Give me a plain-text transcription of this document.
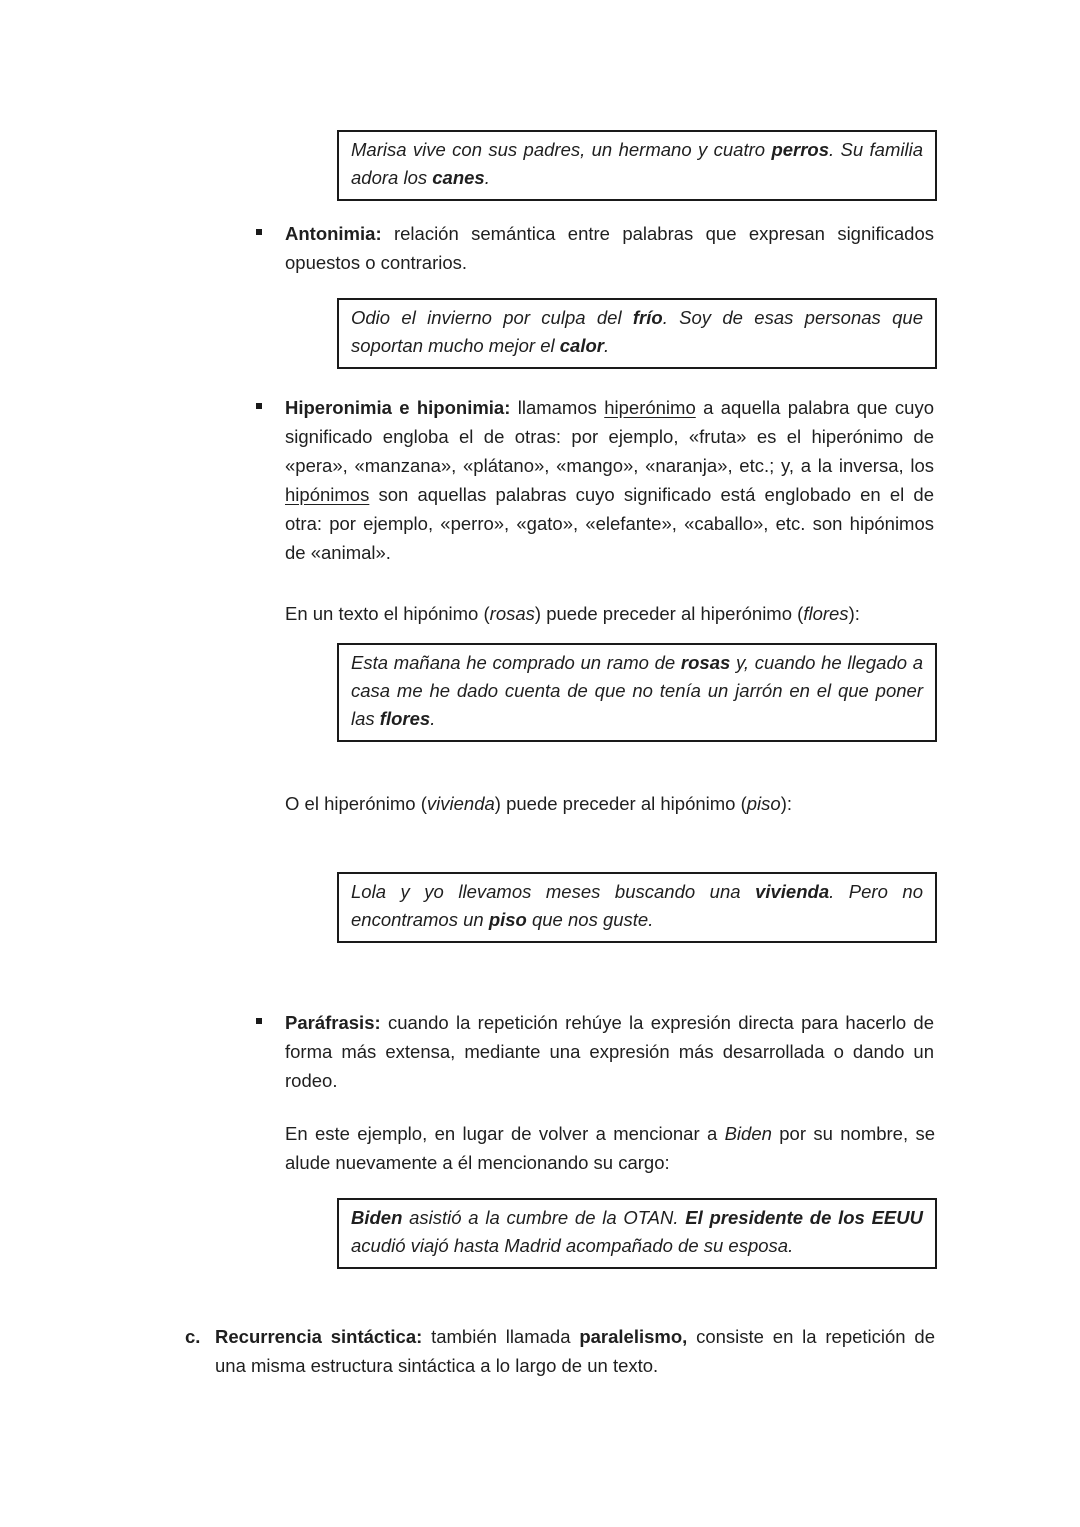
Marisa vive con sus padres, un hermano y cuatro perros. Su familia adora los canes.

Antonimia: relación semántica entre palabras que expresan significados opuestos o contrarios.

Odio el invierno por culpa del frío. Soy de esas personas que soportan mucho mejor el calor.

Hiperonimia e hiponimia: llamamos hiperónimo a aquella palabra que cuyo significado engloba el de otras: por ejemplo, «fruta» es el hiperónimo de «pera», «manzana», «plátano», «mango», «naranja», etc.; y, a la inversa, los hipónimos son aquellas palabras cuyo significado está englobado en el de otra: por ejemplo, «perro», «gato», «elefante», «caballo», etc. son hipónimos de «animal».

En un texto el hipónimo (rosas) puede preceder al hiperónimo (flores):

Esta mañana he comprado un ramo de rosas y, cuando he llegado a casa me he dado cuenta de que no tenía un jarrón en el que poner las flores.

O el hiperónimo (vivienda) puede preceder al hipónimo (piso):

Lola y yo llevamos meses buscando una vivienda. Pero no encontramos un piso que nos guste.

Paráfrasis: cuando la repetición rehúye la expresión directa para hacerlo de forma más extensa, mediante una expresión más desarrollada o dando un rodeo.

En este ejemplo, en lugar de volver a mencionar a Biden por su nombre, se alude nuevamente a él mencionando su cargo:

Biden asistió a la cumbre de la OTAN. El presidente de los EEUU acudió viajó hasta Madrid acompañado de su esposa.

c. Recurrencia sintáctica: también llamada paralelismo, consiste en la repetición de una misma estructura sintáctica a lo largo de un texto.
